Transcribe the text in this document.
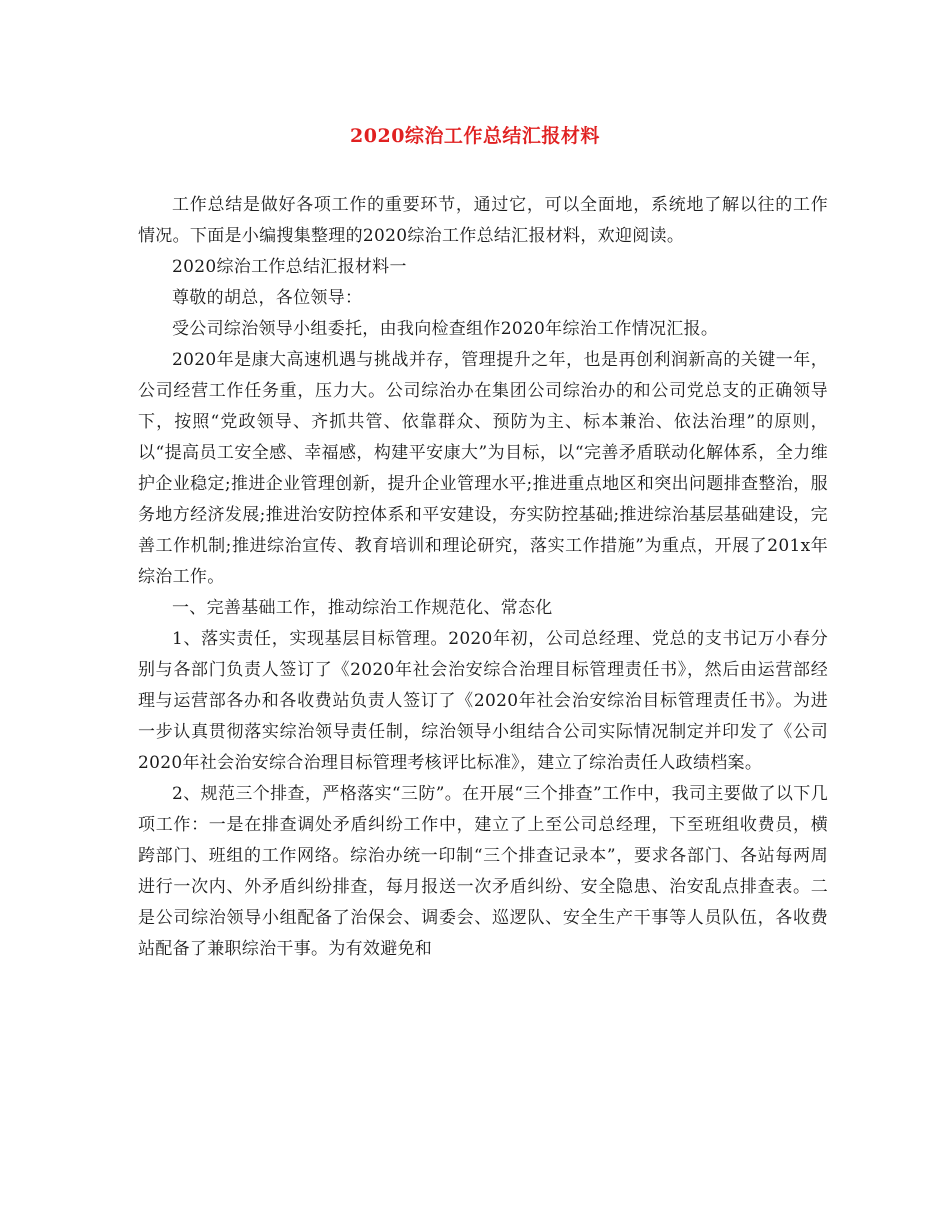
2020综治工作总结汇报材料

工作总结是做好各项工作的重要环节，通过它，可以全面地，系统地了解以往的工作情况。下面是小编搜集整理的2020综治工作总结汇报材料，欢迎阅读。

2020综治工作总结汇报材料一

尊敬的胡总，各位领导：

受公司综治领导小组委托，由我向检查组作2020年综治工作情况汇报。

2020年是康大高速机遇与挑战并存，管理提升之年，也是再创利润新高的关键一年，公司经营工作任务重，压力大。公司综治办在集团公司综治办的和公司党总支的正确领导下，按照“党政领导、齐抓共管、依靠群众、预防为主、标本兼治、依法治理”的原则，以“提高员工安全感、幸福感，构建平安康大”为目标，以“完善矛盾联动化解体系，全力维护企业稳定;推进企业管理创新，提升企业管理水平;推进重点地区和突出问题排查整治，服务地方经济发展;推进治安防控体系和平安建设，夯实防控基础;推进综治基层基础建设，完善工作机制;推进综治宣传、教育培训和理论研究，落实工作措施”为重点，开展了201x年综治工作。

一、完善基础工作，推动综治工作规范化、常态化

1、落实责任，实现基层目标管理。2020年初，公司总经理、党总的支书记万小春分别与各部门负责人签订了《2020年社会治安综合治理目标管理责任书》，然后由运营部经理与运营部各办和各收费站负责人签订了《2020年社会治安综治目标管理责任书》。为进一步认真贯彻落实综治领导责任制，综治领导小组结合公司实际情况制定并印发了《公司2020年社会治安综合治理目标管理考核评比标准》，建立了综治责任人政绩档案。

2、规范三个排查，严格落实“三防”。在开展“三个排查”工作中，我司主要做了以下几项工作：一是在排查调处矛盾纠纷工作中，建立了上至公司总经理，下至班组收费员，横跨部门、班组的工作网络。综治办统一印制“三个排查记录本”，要求各部门、各站每两周进行一次内、外矛盾纠纷排查，每月报送一次矛盾纠纷、安全隐患、治安乱点排查表。二是公司综治领导小组配备了治保会、调委会、巡逻队、安全生产干事等人员队伍，各收费站配备了兼职综治干事。为有效避免和
